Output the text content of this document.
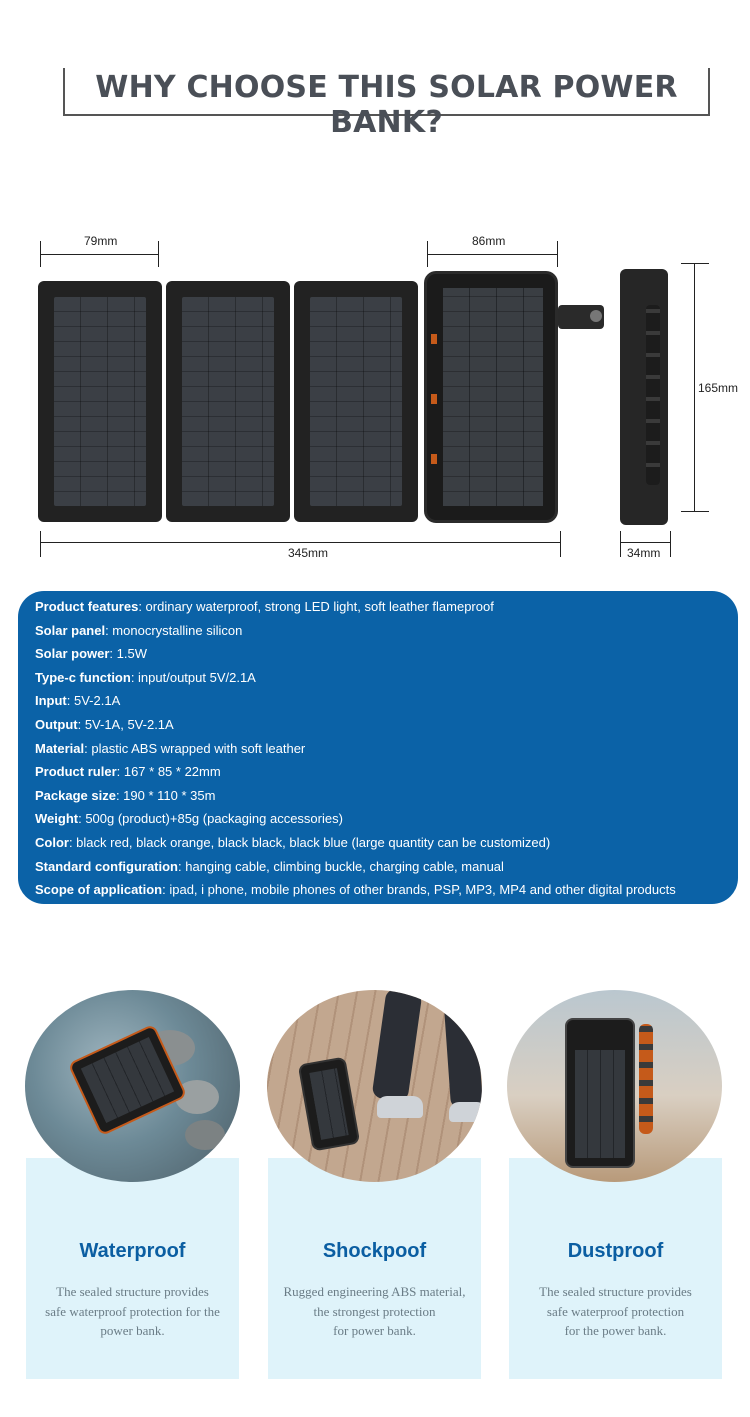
WHY CHOOSE THIS SOLAR POWER BANK?
79mm	86mm
165mm
345mm	34mm
Product features: ordinary waterproof, strong LED light, soft leather flameproof
Solar panel: monocrystalline silicon
Solar power: 1.5W
Type-c function: input/output 5V/2.1A
Input: 5V-2.1A
Output: 5V-1A, 5V-2.1A
Material: plastic ABS wrapped with soft leather
Product ruler: 167 * 85 * 22mm
Package size: 190 * 110 * 35m
Weight: 500g (product)+85g (packaging accessories)
Color: black red, black orange, black black, black blue (large quantity can be customized)
Standard configuration: hanging cable, climbing buckle, charging cable, manual
Scope of application: ipad, i phone, mobile phones of other brands, PSP, MP3, MP4 and other digital products
Waterproof
The sealed structure provides
safe waterproof protection for the
power bank.
Shockpoof
Rugged engineering ABS material,
the strongest protection
for power bank.
Dustproof
The sealed structure provides
safe waterproof protection
for the power bank.
